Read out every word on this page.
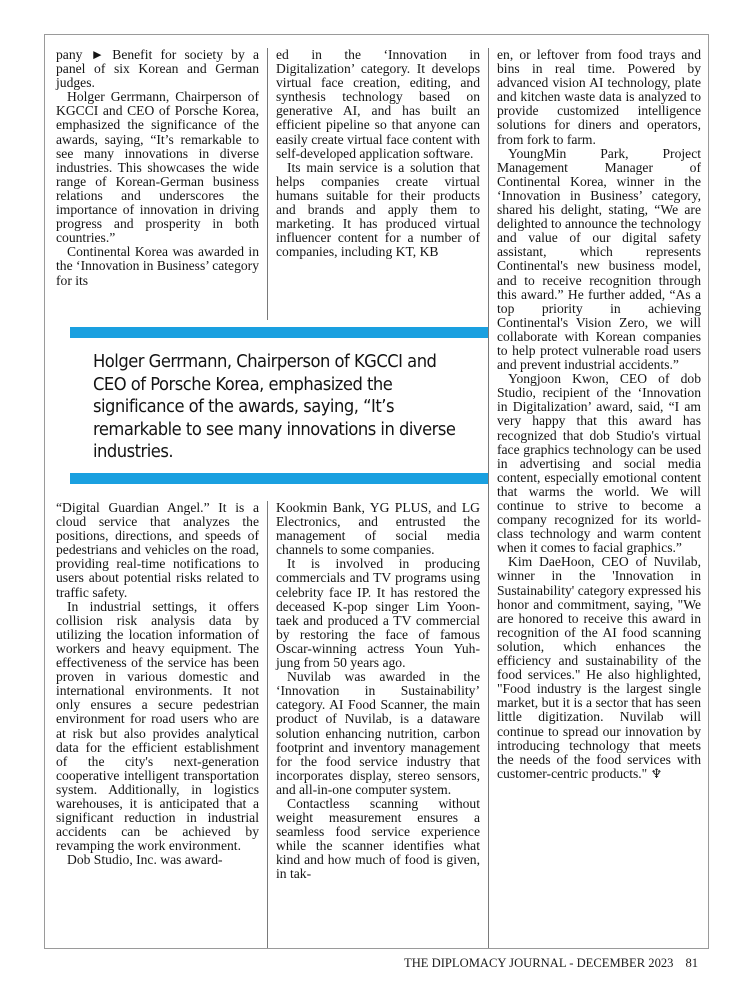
pany ► Benefit for society by a panel of six Korean and German judges.

Holger Gerrmann, Chairperson of KGCCI and CEO of Porsche Korea, emphasized the significance of the awards, saying, “It’s remarkable to see many innovations in diverse industries. This showcases the wide range of Korean-German business relations and underscores the importance of innovation in driving progress and prosperity in both countries.”

Continental Korea was awarded in the ‘Innovation in Business’ category for its

ed in the ‘Innovation in Digitalization’ category. It develops virtual face creation, editing, and synthesis technology based on generative AI, and has built an efficient pipeline so that anyone can easily create virtual face content with self-developed application software.

Its main service is a solution that helps companies create virtual humans suitable for their products and brands and apply them to marketing. It has produced virtual influencer content for a number of companies, including KT, KB

Holger Gerrmann, Chairperson of KGCCI and CEO of Porsche Korea, emphasized the significance of the awards, saying, “It’s remarkable to see many innovations in diverse industries.

en, or leftover from food trays and bins in real time. Powered by advanced vision AI technology, plate and kitchen waste data is analyzed to provide customized intelligence solutions for diners and operators, from fork to farm.

YoungMin Park, Project Management Manager of Continental Korea, winner in the ‘Innovation in Business’ category, shared his delight, stating, “We are delighted to announce the technology and value of our digital safety assistant, which represents Continental's new business model, and to receive recognition through this award.” He further added, “As a top priority in achieving Continental's Vision Zero, we will collaborate with Korean companies to help protect vulnerable road users and prevent industrial accidents.”

Yongjoon Kwon, CEO of dob Studio, recipient of the ‘Innovation in Digitalization’ award, said, “I am very happy that this award has recognized that dob Studio's virtual face graphics technology can be used in advertising and social media content, especially emotional content that warms the world. We will continue to strive to become a company recognized for its world-class technology and warm content when it comes to facial graphics.”

Kim DaeHoon, CEO of Nuvilab, winner in the 'Innovation in Sustainability' category expressed his honor and commitment, saying, "We are honored to receive this award in recognition of the AI food scanning solution, which enhances the efficiency and sustainability of the food services." He also highlighted, "Food industry is the largest single market, but it is a sector that has seen little digitization. Nuvilab will continue to spread our innovation by introducing technology that meets the needs of the food services with customer-centric products." ♆

“Digital Guardian Angel.” It is a cloud service that analyzes the positions, directions, and speeds of pedestrians and vehicles on the road, providing real-time notifications to users about potential risks related to traffic safety.

In industrial settings, it offers collision risk analysis data by utilizing the location information of workers and heavy equipment. The effectiveness of the service has been proven in various domestic and international environments. It not only ensures a secure pedestrian environment for road users who are at risk but also provides analytical data for the efficient establishment of the city's next-generation cooperative intelligent transportation system. Additionally, in logistics warehouses, it is anticipated that a significant reduction in industrial accidents can be achieved by revamping the work environment.

Dob Studio, Inc. was award-

Kookmin Bank, YG PLUS, and LG Electronics, and entrusted the management of social media channels to some companies.

It is involved in producing commercials and TV programs using celebrity face IP. It has restored the deceased K-pop singer Lim Yoon-taek and produced a TV commercial by restoring the face of famous Oscar-winning actress Youn Yuh-jung from 50 years ago.

Nuvilab was awarded in the ‘Innovation in Sustainability’ category. AI Food Scanner, the main product of Nuvilab, is a dataware solution enhancing nutrition, carbon footprint and inventory management for the food service industry that incorporates display, stereo sensors, and all-in-one computer system.

Contactless scanning without weight measurement ensures a seamless food service experience while the scanner identifies what kind and how much of food is given, in tak-

THE DIPLOMACY JOURNAL - DECEMBER 2023 81
